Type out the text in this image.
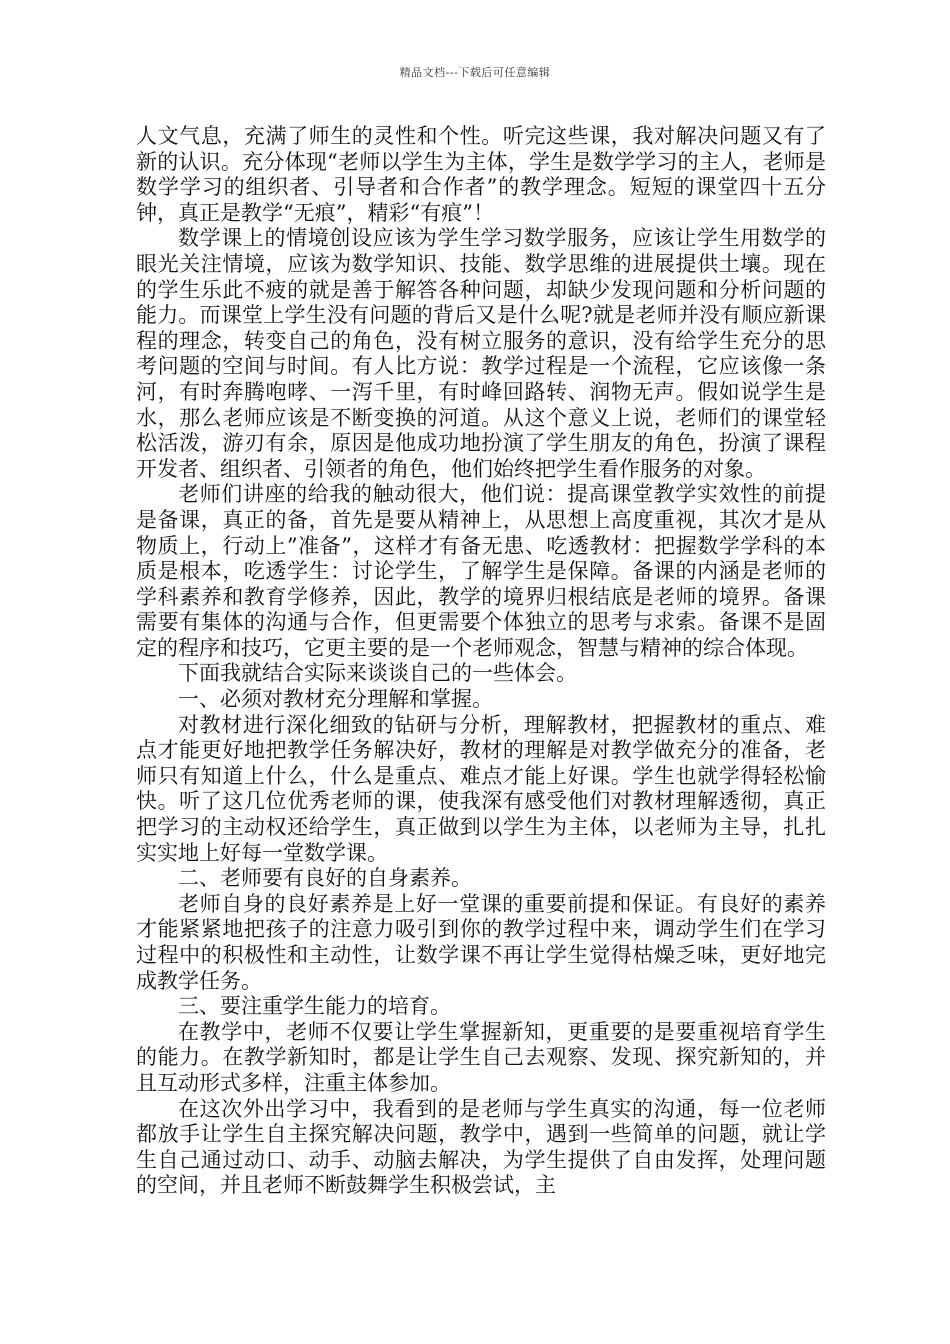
精品文档---下载后可任意编辑

人文气息，充满了师生的灵性和个性。听完这些课，我对解决问题又有了新的认识。充分体现“老师以学生为主体，学生是数学学习的主人，老师是数学学习的组织者、引导者和合作者”的教学理念。短短的课堂四十五分钟，真正是教学“无痕”，精彩“有痕”！

数学课上的情境创设应该为学生学习数学服务，应该让学生用数学的眼光关注情境，应该为数学知识、技能、数学思维的进展提供土壤。现在的学生乐此不疲的就是善于解答各种问题，却缺少发现问题和分析问题的能力。而课堂上学生没有问题的背后又是什么呢?就是老师并没有顺应新课程的理念，转变自己的角色，没有树立服务的意识，没有给学生充分的思考问题的空间与时间。有人比方说：教学过程是一个流程，它应该像一条河，有时奔腾咆哮、一泻千里，有时峰回路转、润物无声。假如说学生是水，那么老师应该是不断变换的河道。从这个意义上说，老师们的课堂轻松活泼，游刃有余，原因是他成功地扮演了学生朋友的角色，扮演了课程开发者、组织者、引领者的角色，他们始终把学生看作服务的对象。

老师们讲座的给我的触动很大，他们说：提高课堂教学实效性的前提是备课，真正的备，首先是要从精神上，从思想上高度重视，其次才是从物质上，行动上”准备”，这样才有备无患、吃透教材：把握数学学科的本质是根本，吃透学生：讨论学生，了解学生是保障。备课的内涵是老师的学科素养和教育学修养，因此，教学的境界归根结底是老师的境界。备课需要有集体的沟通与合作，但更需要个体独立的思考与求索。备课不是固定的程序和技巧，它更主要的是一个老师观念，智慧与精神的综合体现。

下面我就结合实际来谈谈自己的一些体会。

一、必须对教材充分理解和掌握。

对教材进行深化细致的钻研与分析，理解教材，把握教材的重点、难点才能更好地把教学任务解决好，教材的理解是对教学做充分的准备，老师只有知道上什么，什么是重点、难点才能上好课。学生也就学得轻松愉快。听了这几位优秀老师的课，使我深有感受他们对教材理解透彻，真正把学习的主动权还给学生，真正做到以学生为主体，以老师为主导，扎扎实实地上好每一堂数学课。

二、老师要有良好的自身素养。

老师自身的良好素养是上好一堂课的重要前提和保证。有良好的素养才能紧紧地把孩子的注意力吸引到你的教学过程中来，调动学生们在学习过程中的积极性和主动性，让数学课不再让学生觉得枯燥乏味，更好地完成教学任务。

三、要注重学生能力的培育。

在教学中，老师不仅要让学生掌握新知，更重要的是要重视培育学生的能力。在教学新知时，都是让学生自己去观察、发现、探究新知的，并且互动形式多样，注重主体参加。

在这次外出学习中，我看到的是老师与学生真实的沟通，每一位老师都放手让学生自主探究解决问题，教学中，遇到一些简单的问题，就让学生自己通过动口、动手、动脑去解决，为学生提供了自由发挥，处理问题的空间，并且老师不断鼓舞学生积极尝试，主
